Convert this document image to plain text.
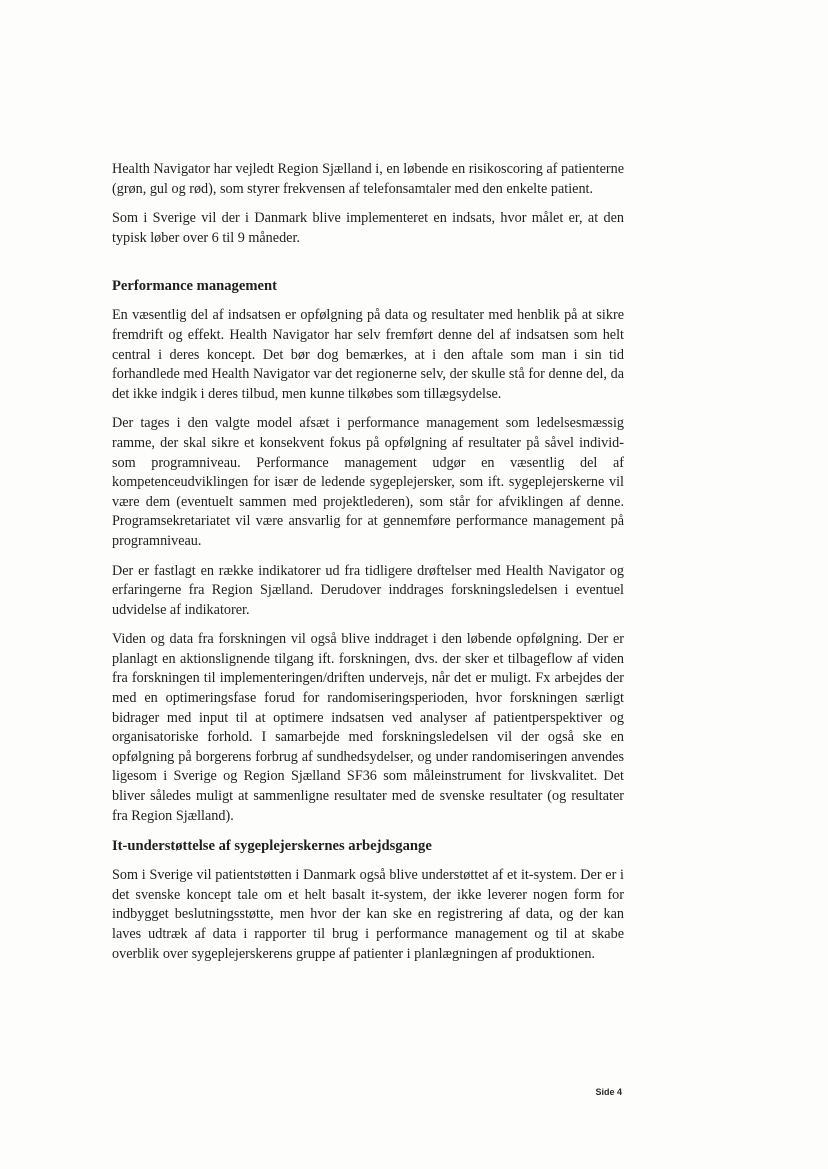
Health Navigator har vejledt Region Sjælland i, en løbende en risikoscoring af patienterne (grøn, gul og rød), som styrer frekvensen af telefonsamtaler med den enkelte patient.

Som i Sverige vil der i Danmark blive implementeret en indsats, hvor målet er, at den typisk løber over 6 til 9 måneder.

Performance management

En væsentlig del af indsatsen er opfølgning på data og resultater med henblik på at sikre fremdrift og effekt. Health Navigator har selv fremført denne del af indsatsen som helt central i deres koncept. Det bør dog bemærkes, at i den aftale som man i sin tid forhandlede med Health Navigator var det regionerne selv, der skulle stå for denne del, da det ikke indgik i deres tilbud, men kunne tilkøbes som tillægsydelse.

Der tages i den valgte model afsæt i performance management som ledelsesmæssig ramme, der skal sikre et konsekvent fokus på opfølgning af resultater på såvel individ- som programniveau. Performance management udgør en væsentlig del af kompetenceudviklingen for især de ledende sygeplejersker, som ift. sygeplejerskerne vil være dem (eventuelt sammen med projektlederen), som står for afviklingen af denne. Programsekretariatet vil være ansvarlig for at gennemføre performance management på programniveau.

Der er fastlagt en række indikatorer ud fra tidligere drøftelser med Health Navigator og erfaringerne fra Region Sjælland. Derudover inddrages forskningsledelsen i eventuel udvidelse af indikatorer.

Viden og data fra forskningen vil også blive inddraget i den løbende opfølgning. Der er planlagt en aktionslignende tilgang ift. forskningen, dvs. der sker et tilbageflow af viden fra forskningen til implementeringen/driften undervejs, når det er muligt. Fx arbejdes der med en optimeringsfase forud for randomiseringsperioden, hvor forskningen særligt bidrager med input til at optimere indsatsen ved analyser af patientperspektiver og organisatoriske forhold. I samarbejde med forskningsledelsen vil der også ske en opfølgning på borgerens forbrug af sundhedsydelser, og under randomiseringen anvendes ligesom i Sverige og Region Sjælland SF36 som måleinstrument for livskvalitet. Det bliver således muligt at sammenligne resultater med de svenske resultater (og resultater fra Region Sjælland).

It-understøttelse af sygeplejerskernes arbejdsgange

Som i Sverige vil patientstøtten i Danmark også blive understøttet af et it-system. Der er i det svenske koncept tale om et helt basalt it-system, der ikke leverer nogen form for indbygget beslutningsstøtte, men hvor der kan ske en registrering af data, og der kan laves udtræk af data i rapporter til brug i performance management og til at skabe overblik over sygeplejerskerens gruppe af patienter i planlægningen af produktionen.

Side 4
